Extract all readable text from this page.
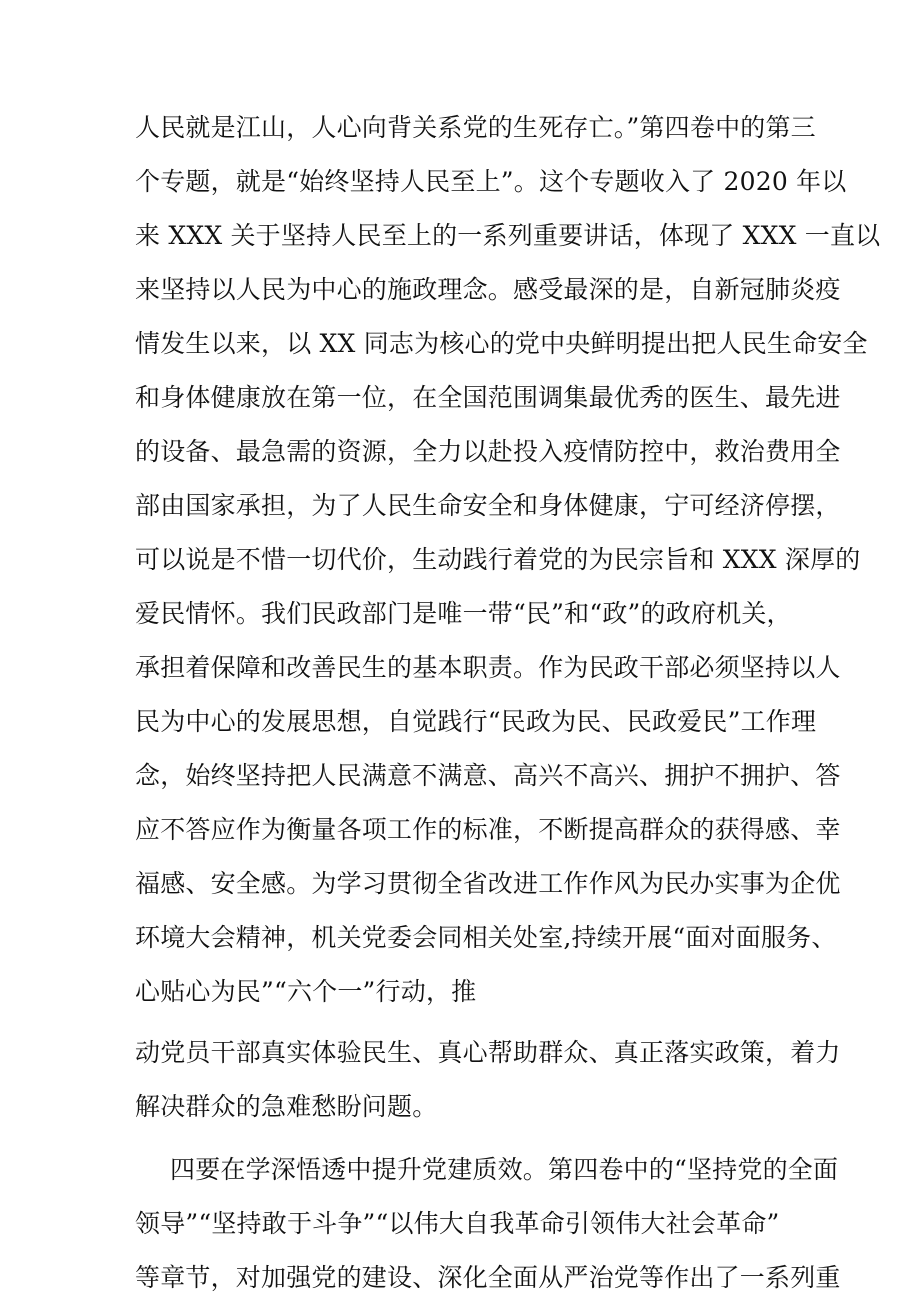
人民就是江山，人心向背关系党的生死存亡。”第四卷中的第三
个专题，就是“始终坚持人民至上”。这个专题收入了 2020 年以
来 XXX 关于坚持人民至上的一系列重要讲话，体现了 XXX 一直以
来坚持以人民为中心的施政理念。感受最深的是，自新冠肺炎疫
情发生以来，以 XX 同志为核心的党中央鲜明提出把人民生命安全
和身体健康放在第一位，在全国范围调集最优秀的医生、最先进
的设备、最急需的资源，全力以赴投入疫情防控中，救治费用全
部由国家承担，为了人民生命安全和身体健康，宁可经济停摆，
可以说是不惜一切代价，生动践行着党的为民宗旨和 XXX 深厚的
爱民情怀。我们民政部门是唯一带“民”和“政”的政府机关，
承担着保障和改善民生的基本职责。作为民政干部必须坚持以人
民为中心的发展思想，自觉践行“民政为民、民政爱民”工作理
念，始终坚持把人民满意不满意、高兴不高兴、拥护不拥护、答
应不答应作为衡量各项工作的标准，不断提高群众的获得感、幸
福感、安全感。为学习贯彻全省改进工作作风为民办实事为企优
环境大会精神，机关党委会同相关处室,持续开展“面对面服务、
心贴心为民”“六个一”行动，推
动党员干部真实体验民生、真心帮助群众、真正落实政策，着力
解决群众的急难愁盼问题。
四要在学深悟透中提升党建质效。第四卷中的“坚持党的全面
领导”“坚持敢于斗争”“以伟大自我革命引领伟大社会革命”
等章节，对加强党的建设、深化全面从严治党等作出了一系列重
